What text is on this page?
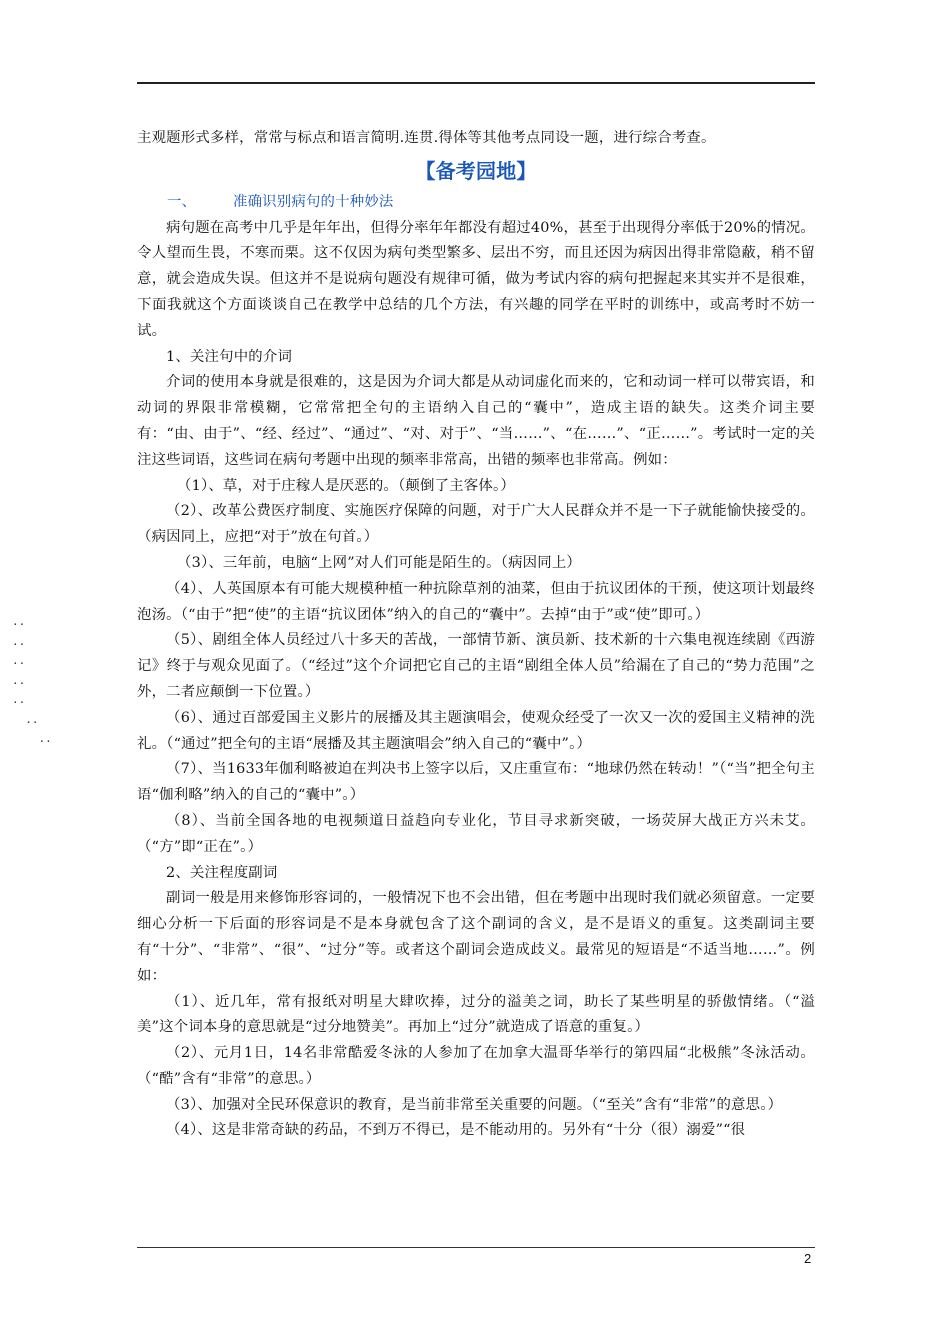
..
..
..
..
..
..
..

主观题形式多样，常常与标点和语言简明.连贯.得体等其他考点同设一题，进行综合考查。

【备考园地】

一、	准确识别病句的十种妙法

病句题在高考中几乎是年年出，但得分率年年都没有超过40%，甚至于出现得分率低于20%的情况。令人望而生畏，不寒而栗。这不仅因为病句类型繁多、层出不穷，而且还因为病因出得非常隐蔽，稍不留意，就会造成失误。但这并不是说病句题没有规律可循，做为考试内容的病句把握起来其实并不是很难，下面我就这个方面谈谈自己在教学中总结的几个方法，有兴趣的同学在平时的训练中，或高考时不妨一试。

1、关注句中的介词

介词的使用本身就是很难的，这是因为介词大都是从动词虚化而来的，它和动词一样可以带宾语，和动词的界限非常模糊，它常常把全句的主语纳入自己的“囊中”，造成主语的缺失。这类介词主要有：“由、由于”、“经、经过”、“通过”、“对、对于”、“当……”、“在……”、“正……”。考试时一定的关注这些词语，这些词在病句考题中出现的频率非常高，出错的频率也非常高。例如：

（1）、草，对于庄稼人是厌恶的。（颠倒了主客体。）

（2）、改革公费医疗制度、实施医疗保障的问题，对于广大人民群众并不是一下子就能愉快接受的。（病因同上，应把“对于”放在句首。）

（3）、三年前，电脑“上网”对人们可能是陌生的。（病因同上）

（4）、人英国原本有可能大规模种植一种抗除草剂的油菜，但由于抗议团体的干预，使这项计划最终泡汤。（“由于”把“使”的主语“抗议团体”纳入的自己的“囊中”。去掉“由于”或“使”即可。）

（5）、剧组全体人员经过八十多天的苦战，一部情节新、演员新、技术新的十六集电视连续剧《西游记》终于与观众见面了。（“经过”这个介词把它自己的主语“剧组全体人员”给漏在了自己的“势力范围”之外，二者应颠倒一下位置。）

（6）、通过百部爱国主义影片的展播及其主题演唱会，使观众经受了一次又一次的爱国主义精神的洗礼。（“通过”把全句的主语“展播及其主题演唱会”纳入自己的“囊中”。）

（7）、当1633年伽利略被迫在判决书上签字以后，又庄重宣布：“地球仍然在转动！”（“当”把全句主语“伽利略”纳入的自己的“囊中”。）

（8）、当前全国各地的电视频道日益趋向专业化，节目寻求新突破，一场荧屏大战正方兴未艾。（“方”即“正在”。）

2、关注程度副词

副词一般是用来修饰形容词的，一般情况下也不会出错，但在考题中出现时我们就必须留意。一定要细心分析一下后面的形容词是不是本身就包含了这个副词的含义，是不是语义的重复。这类副词主要有“十分”、“非常”、“很”、“过分”等。或者这个副词会造成歧义。最常见的短语是“不适当地……”。例如：

（1）、近几年，常有报纸对明星大肆吹捧，过分的溢美之词，助长了某些明星的骄傲情绪。（“溢美”这个词本身的意思就是“过分地赞美”。再加上“过分”就造成了语意的重复。）

（2）、元月1日，14名非常酷爱冬泳的人参加了在加拿大温哥华举行的第四届“北极熊”冬泳活动。（“酷”含有“非常”的意思。）

（3）、加强对全民环保意识的教育，是当前非常至关重要的问题。（“至关”含有“非常”的意思。）

（4）、这是非常奇缺的药品，不到万不得已，是不能动用的。另外有“十分（很）溺爱”“很

2
